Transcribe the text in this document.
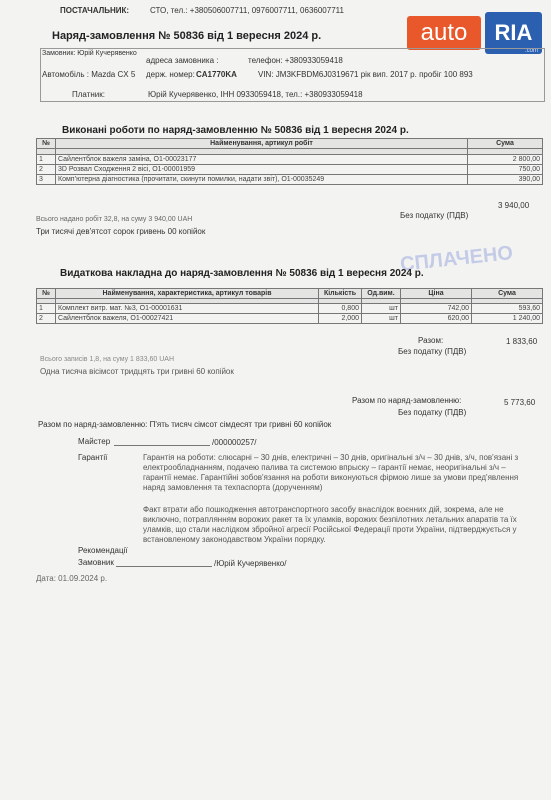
ПОСТАЧАЛЬНИК:	СТО, тел.: +380506007711, 0976007711, 0636007711
auto	RIA
.com
Наряд-замовлення № 50836 від 1 вересня 2024 р.
Замовник: Юрій Кучерявенко
адреса замовника :	телефон: +380933059418
Автомобіль : Mazda CX 5 держ. номер: CA1770KA	VIN: JM3KFBDM6J0319671 рік вип. 2017 р. пробіг 100 893
Платник:	Юрій Кучерявенко, ІНН 0933059418, тел.: +380933059418
Виконані роботи по наряд-замовленню № 50836 від 1 вересня 2024 р.
№	Найменування, артикул робіт	Сума

1	Сайлентблок важеля заміна, О1-00023177	2 800,00
2	3D Розвал Сходження 2 вісі, О1-00001959	750,00
3	Комп’ютерна діагностика (прочитати, скинути помилки, надати звіт), О1-00035249	390,00
3 940,00
Без податку (ПДВ)
Всього надано робіт 32,8, на суму 3 940,00 UAH
Три тисячі дев'ятсот сорок гривень 00 копійок
СПЛАЧЕНО
Видаткова накладна до наряд-замовлення № 50836 від 1 вересня 2024 р.
№	Найменування, характеристика, артикул товарів	Кількість	Од.вим.	Ціна	Сума

1	Комплект витр. мат. №3, О1-00001631	0,800	шт	742,00	593,60
2	Сайлентблок важеля, О1-00027421	2,000	шт	620,00	1 240,00
Разом:	1 833,60
Без податку (ПДВ)
Всього записів 1,8, на суму 1 833,60 UAH
Одна тисяча вісімсот тридцять три гривні 60 копійок
Разом по наряд-замовленню:	5 773,60
Без податку (ПДВ)
Разом по наряд-замовленню: П'ять тисяч сімсот сімдесят три гривні 60 копійок
Майстер	/000000257/
Гарантії	Гарантія на роботи: слюсарні – 30 днів, електричні – 30 днів, оригінальні з/ч – 30 днів, з/ч, пов'язані з електрообладнанням, подачею палива та системою впрыску – гарантії немає, неоригінальні з/ч – гарантії немає. Гарантійні зобов'язання на роботи виконуються фірмою лише за умови пред'явлення наряд замовлення та техпаспорта (дорученням)
Факт втрати або пошкодження автотранспортного засобу внаслідок воєнних дій, зокрема, але не виключно, потраплянням ворожих ракет та їх уламків, ворожих безпілотних летальних апаратів та їх уламків, що стали наслідком збройної агресії Російської Федерації проти України, підтверджується у встановленому законодавством України порядку.
Рекомендації
Замовник	/Юрій Кучерявенко/
Дата: 01.09.2024 р.
